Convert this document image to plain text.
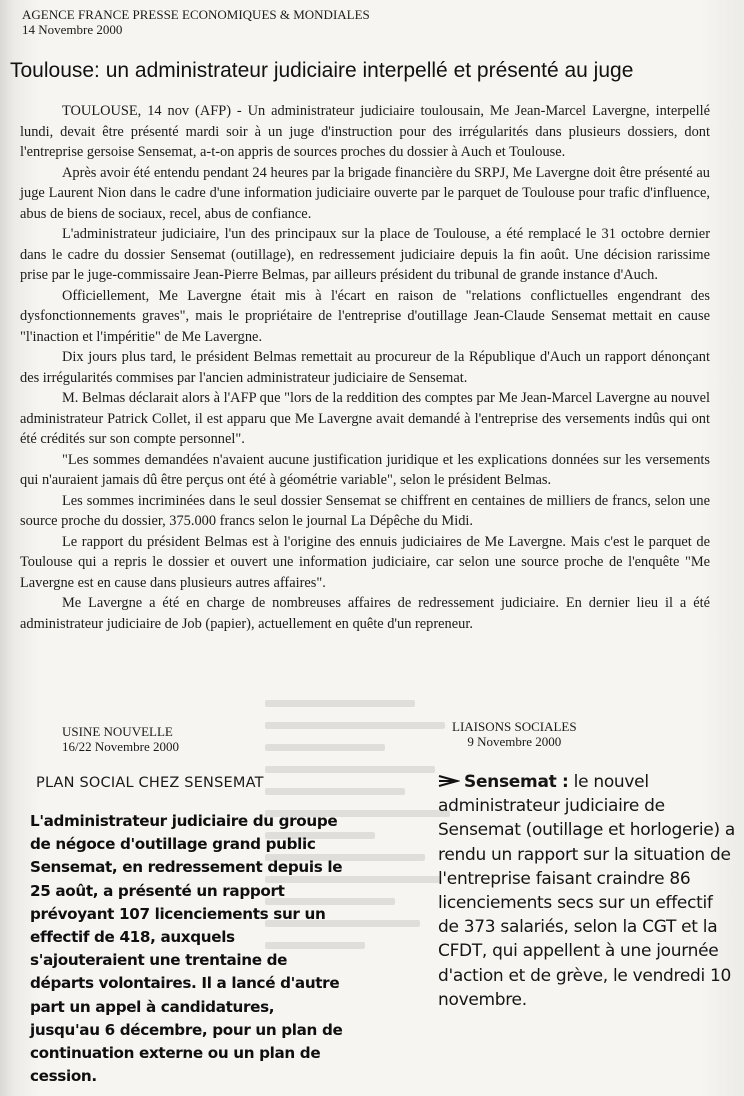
AGENCE FRANCE PRESSE ECONOMIQUES & MONDIALES
14 Novembre 2000
Toulouse: un administrateur judiciaire interpellé et présenté au juge

TOULOUSE, 14 nov (AFP) - Un administrateur judiciaire toulousain, Me Jean-Marcel Lavergne, interpellé lundi, devait être présenté mardi soir à un juge d'instruction pour des irrégularités dans plusieurs dossiers, dont l'entreprise gersoise Sensemat, a-t-on appris de sources proches du dossier à Auch et Toulouse.

Après avoir été entendu pendant 24 heures par la brigade financière du SRPJ, Me Lavergne doit être présenté au juge Laurent Nion dans le cadre d'une information judiciaire ouverte par le parquet de Toulouse pour trafic d'influence, abus de biens de sociaux, recel, abus de confiance.

L'administrateur judiciaire, l'un des principaux sur la place de Toulouse, a été remplacé le 31 octobre dernier dans le cadre du dossier Sensemat (outillage), en redressement judiciaire depuis la fin août. Une décision rarissime prise par le juge-commissaire Jean-Pierre Belmas, par ailleurs président du tribunal de grande instance d'Auch.

Officiellement, Me Lavergne était mis à l'écart en raison de "relations conflictuelles engendrant des dysfonctionnements graves", mais le propriétaire de l'entreprise d'outillage Jean-Claude Sensemat mettait en cause "l'inaction et l'impéritie" de Me Lavergne.

Dix jours plus tard, le président Belmas remettait au procureur de la République d'Auch un rapport dénonçant des irrégularités commises par l'ancien administrateur judiciaire de Sensemat.

M. Belmas déclarait alors à l'AFP que "lors de la reddition des comptes par Me Jean-Marcel Lavergne au nouvel administrateur Patrick Collet, il est apparu que Me Lavergne avait demandé à l'entreprise des versements indûs qui ont été crédités sur son compte personnel".

"Les sommes demandées n'avaient aucune justification juridique et les explications données sur les versements qui n'auraient jamais dû être perçus ont été à géométrie variable", selon le président Belmas.

Les sommes incriminées dans le seul dossier Sensemat se chiffrent en centaines de milliers de francs, selon une source proche du dossier, 375.000 francs selon le journal La Dépêche du Midi.

Le rapport du président Belmas est à l'origine des ennuis judiciaires de Me Lavergne. Mais c'est le parquet de Toulouse qui a repris le dossier et ouvert une information judiciaire, car selon une source proche de l'enquête "Me Lavergne est en cause dans plusieurs autres affaires".

Me Lavergne a été en charge de nombreuses affaires de redressement judiciaire. En dernier lieu il a été administrateur judiciaire de Job (papier), actuellement en quête d'un repreneur.

USINE NOUVELLE
16/22 Novembre 2000
LIAISONS SOCIALES
9 Novembre 2000
PLAN SOCIAL CHEZ SENSEMAT
L'administrateur judiciaire du groupe de négoce d'outillage grand public Sensemat, en redressement depuis le 25 août, a présenté un rapport prévoyant 107 licenciements sur un effectif de 418, auxquels s'ajouteraient une trentaine de départs volontaires. Il a lancé d'autre part un appel à candidatures, jusqu'au 6 décembre, pour un plan de continuation externe ou un plan de cession.
Sensemat : le nouvel administrateur judiciaire de Sensemat (outillage et horlogerie) a rendu un rapport sur la situation de l'entreprise faisant craindre 86 licenciements secs sur un effectif de 373 salariés, selon la CGT et la CFDT, qui appellent à une journée d'action et de grève, le vendredi 10 novembre.
